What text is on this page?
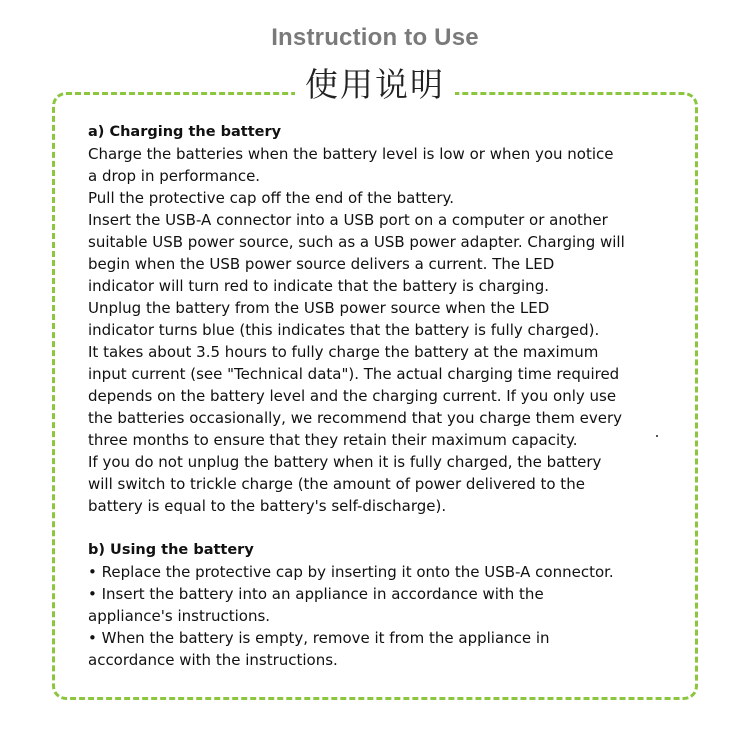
Instruction to Use
使用说明

a) Charging the battery

Charge the batteries when the battery level is low or when you notice

a drop in performance.

Pull the protective cap off the end of the battery.

Insert the USB-A connector into a USB port on a computer or another

suitable USB power source, such as a USB power adapter. Charging will

begin when the USB power source delivers a current. The LED

indicator will turn red to indicate that the battery is charging.

Unplug the battery from the USB power source when the LED

indicator turns blue (this indicates that the battery is fully charged).

It takes about 3.5 hours to fully charge the battery at the maximum

input current (see "Technical data"). The actual charging time required

depends on the battery level and the charging current. If you only use

the batteries occasionally, we recommend that you charge them every

three months to ensure that they retain their maximum capacity.

If you do not unplug the battery when it is fully charged, the battery

will switch to trickle charge (the amount of power delivered to the

battery is equal to the battery's self-discharge).

b) Using the battery

• Replace the protective cap by inserting it onto the USB-A connector.

• Insert the battery into an appliance in accordance with the

appliance's instructions.

• When the battery is empty, remove it from the appliance in

accordance with the instructions.
